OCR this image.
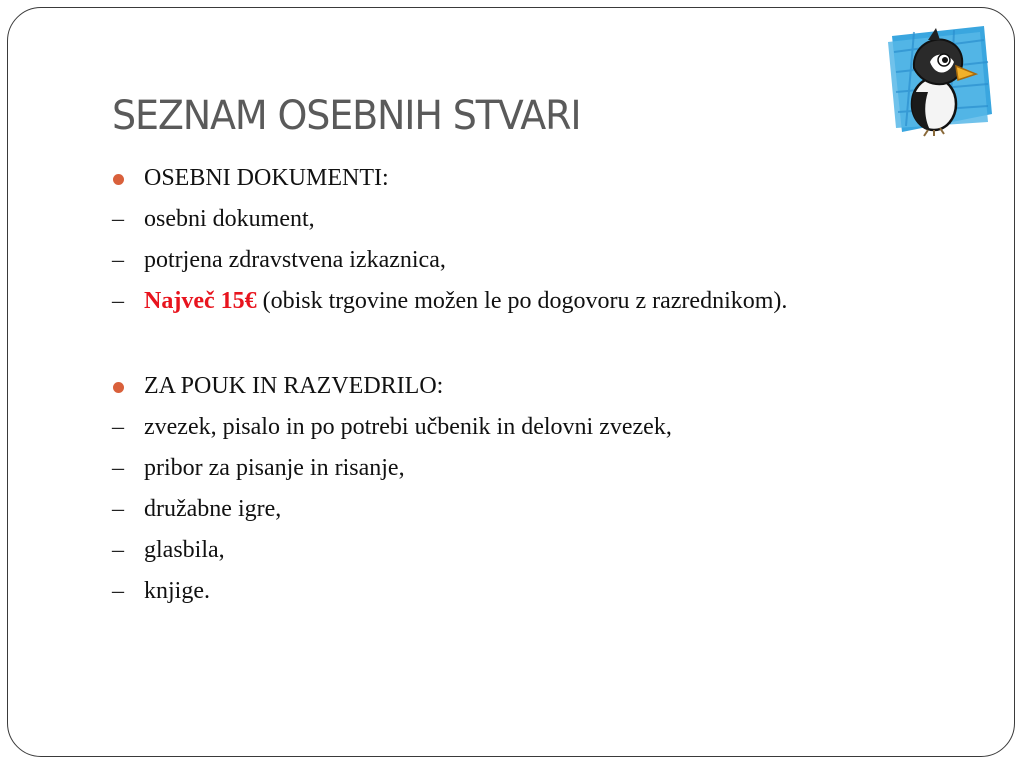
SEZNAM OSEBNIH STVARI
OSEBNI DOKUMENTI:
– osebni dokument,
– potrjena zdravstvena izkaznica,
– Največ 15€ (obisk trgovine možen le po dogovoru z razrednikom).
ZA POUK IN RAZVEDRILO:
– zvezek, pisalo in po potrebi učbenik in delovni zvezek,
– pribor za pisanje in risanje,
– družabne igre,
– glasbila,
– knjige.
